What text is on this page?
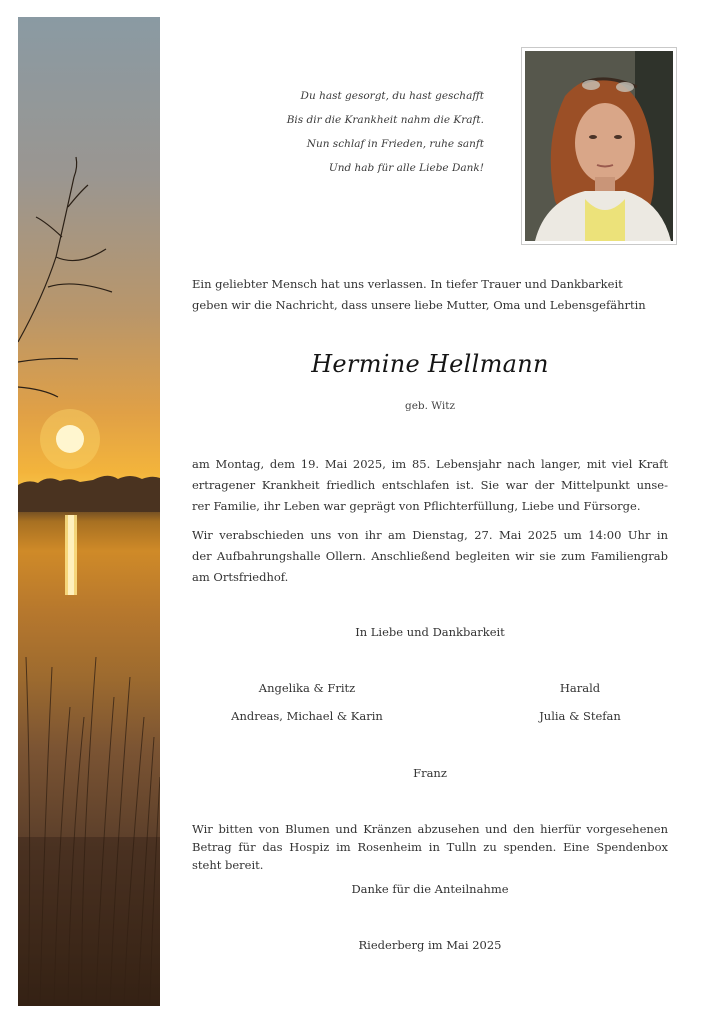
Du hast gesorgt, du hast geschafft
Bis dir die Krankheit nahm die Kraft.
Nun schlaf in Frieden, ruhe sanft
Und hab für alle Liebe Dank!
Ein geliebter Mensch hat uns verlassen. In tiefer Trauer und Dankbarkeit
geben wir die Nachricht, dass unsere liebe Mutter, Oma und Lebensgefährtin
Hermine Hellmann
geb. Witz
am Montag, dem 19. Mai 2025, im 85. Lebensjahr nach langer, mit viel Kraft
ertragener Krankheit friedlich entschlafen ist. Sie war der Mittelpunkt unse-
rer Familie, ihr Leben war geprägt von Pflichterfüllung, Liebe und Fürsorge.
Wir verabschieden uns von ihr am Dienstag, 27. Mai 2025 um 14:00 Uhr in
der Aufbahrungshalle Ollern. Anschließend begleiten wir sie zum Familiengrab
am Ortsfriedhof.
In Liebe und Dankbarkeit
Angelika & Fritz
Andreas, Michael & Karin
Harald
Julia & Stefan
Franz
Wir bitten von Blumen und Kränzen abzusehen und den hierfür vorgesehenen
Betrag für das Hospiz im Rosenheim in Tulln zu spenden. Eine Spendenbox
steht bereit.
Danke für die Anteilnahme
Riederberg im Mai 2025
